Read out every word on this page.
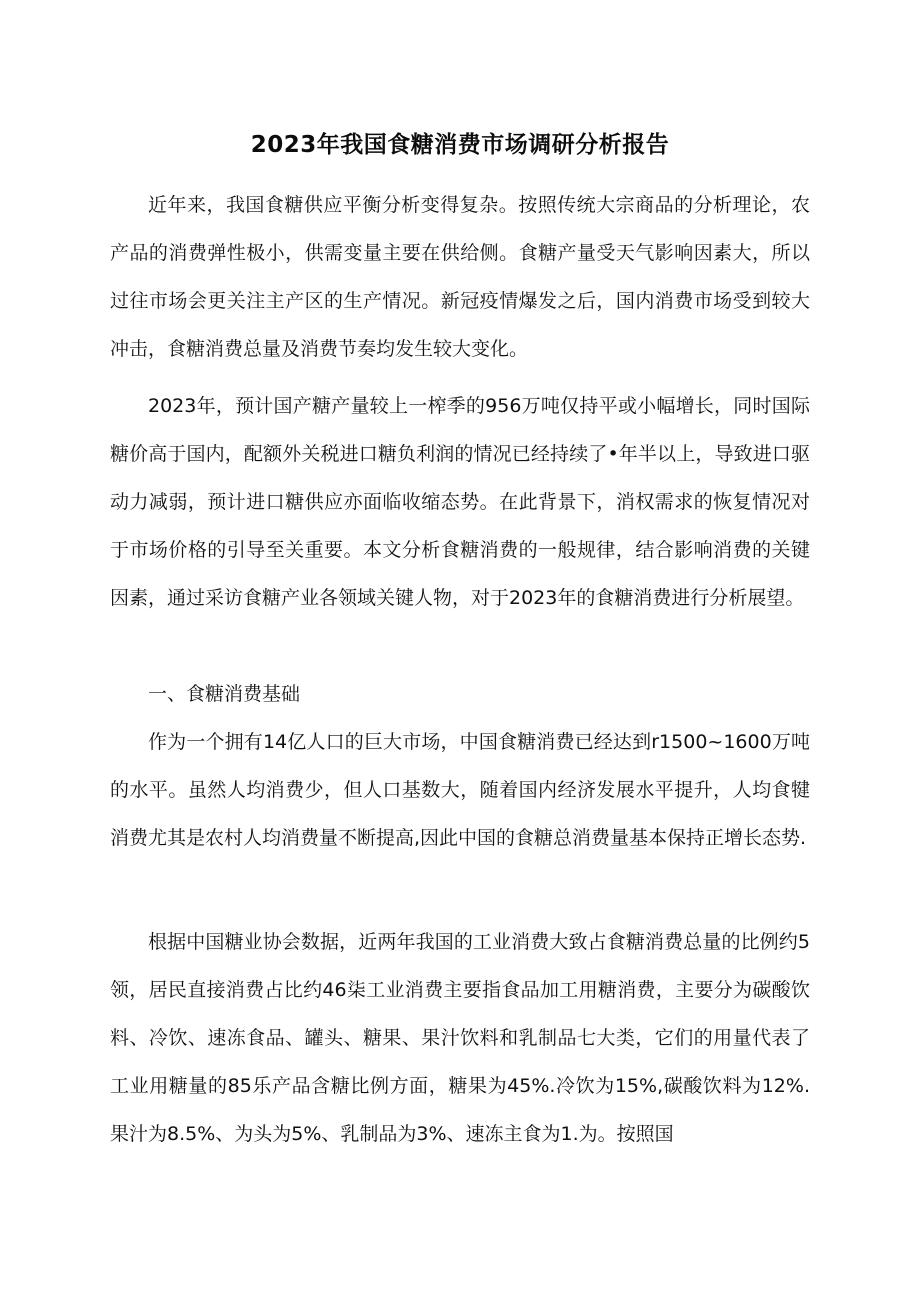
2023年我国食糖消费市场调研分析报告

近年来，我国食糖供应平衡分析变得复杂。按照传统大宗商品的分析理论，农产品的消费弹性极小，供需变量主要在供给侧。食糖产量受天气影响因素大，所以过往市场会更关注主产区的生产情况。新冠疫情爆发之后，国内消费市场受到较大冲击，食糖消费总量及消费节奏均发生较大变化。

2023年，预计国产糖产量较上一榨季的956万吨仅持平或小幅增长，同时国际糖价高于国内，配额外关税进口糖负利润的情况已经持续了•年半以上，导致进口驱动力减弱，预计进口糖供应亦面临收缩态势。在此背景下，消权需求的恢复情况对于市场价格的引导至关重要。本文分析食糖消费的一般规律，结合影响消费的关键因素，通过采访食糖产业各领域关键人物，对于2023年的食糖消费进行分析展望。

一、食糖消费基础

作为一个拥有14亿人口的巨大市场，中国食糖消费已经达到r1500~1600万吨的水平。虽然人均消费少，但人口基数大，随着国内经济发展水平提升，人均食犍消费尤其是农村人均消费量不断提高,因此中国的食糖总消费量基本保持正增长态势.

根据中国糖业协会数据，近两年我国的工业消费大致占食糖消费总量的比例约5领，居民直接消费占比约46柒工业消费主要指食品加工用糖消费，主要分为碳酸饮料、冷饮、速冻食品、罐头、糖果、果汁饮料和乳制品七大类，它们的用量代表了工业用糖量的85乐产品含糖比例方面，糖果为45%.冷饮为15%,碳酸饮料为12%.果汁为8.5%、为头为5%、乳制品为3%、速冻主食为1.为。按照国
